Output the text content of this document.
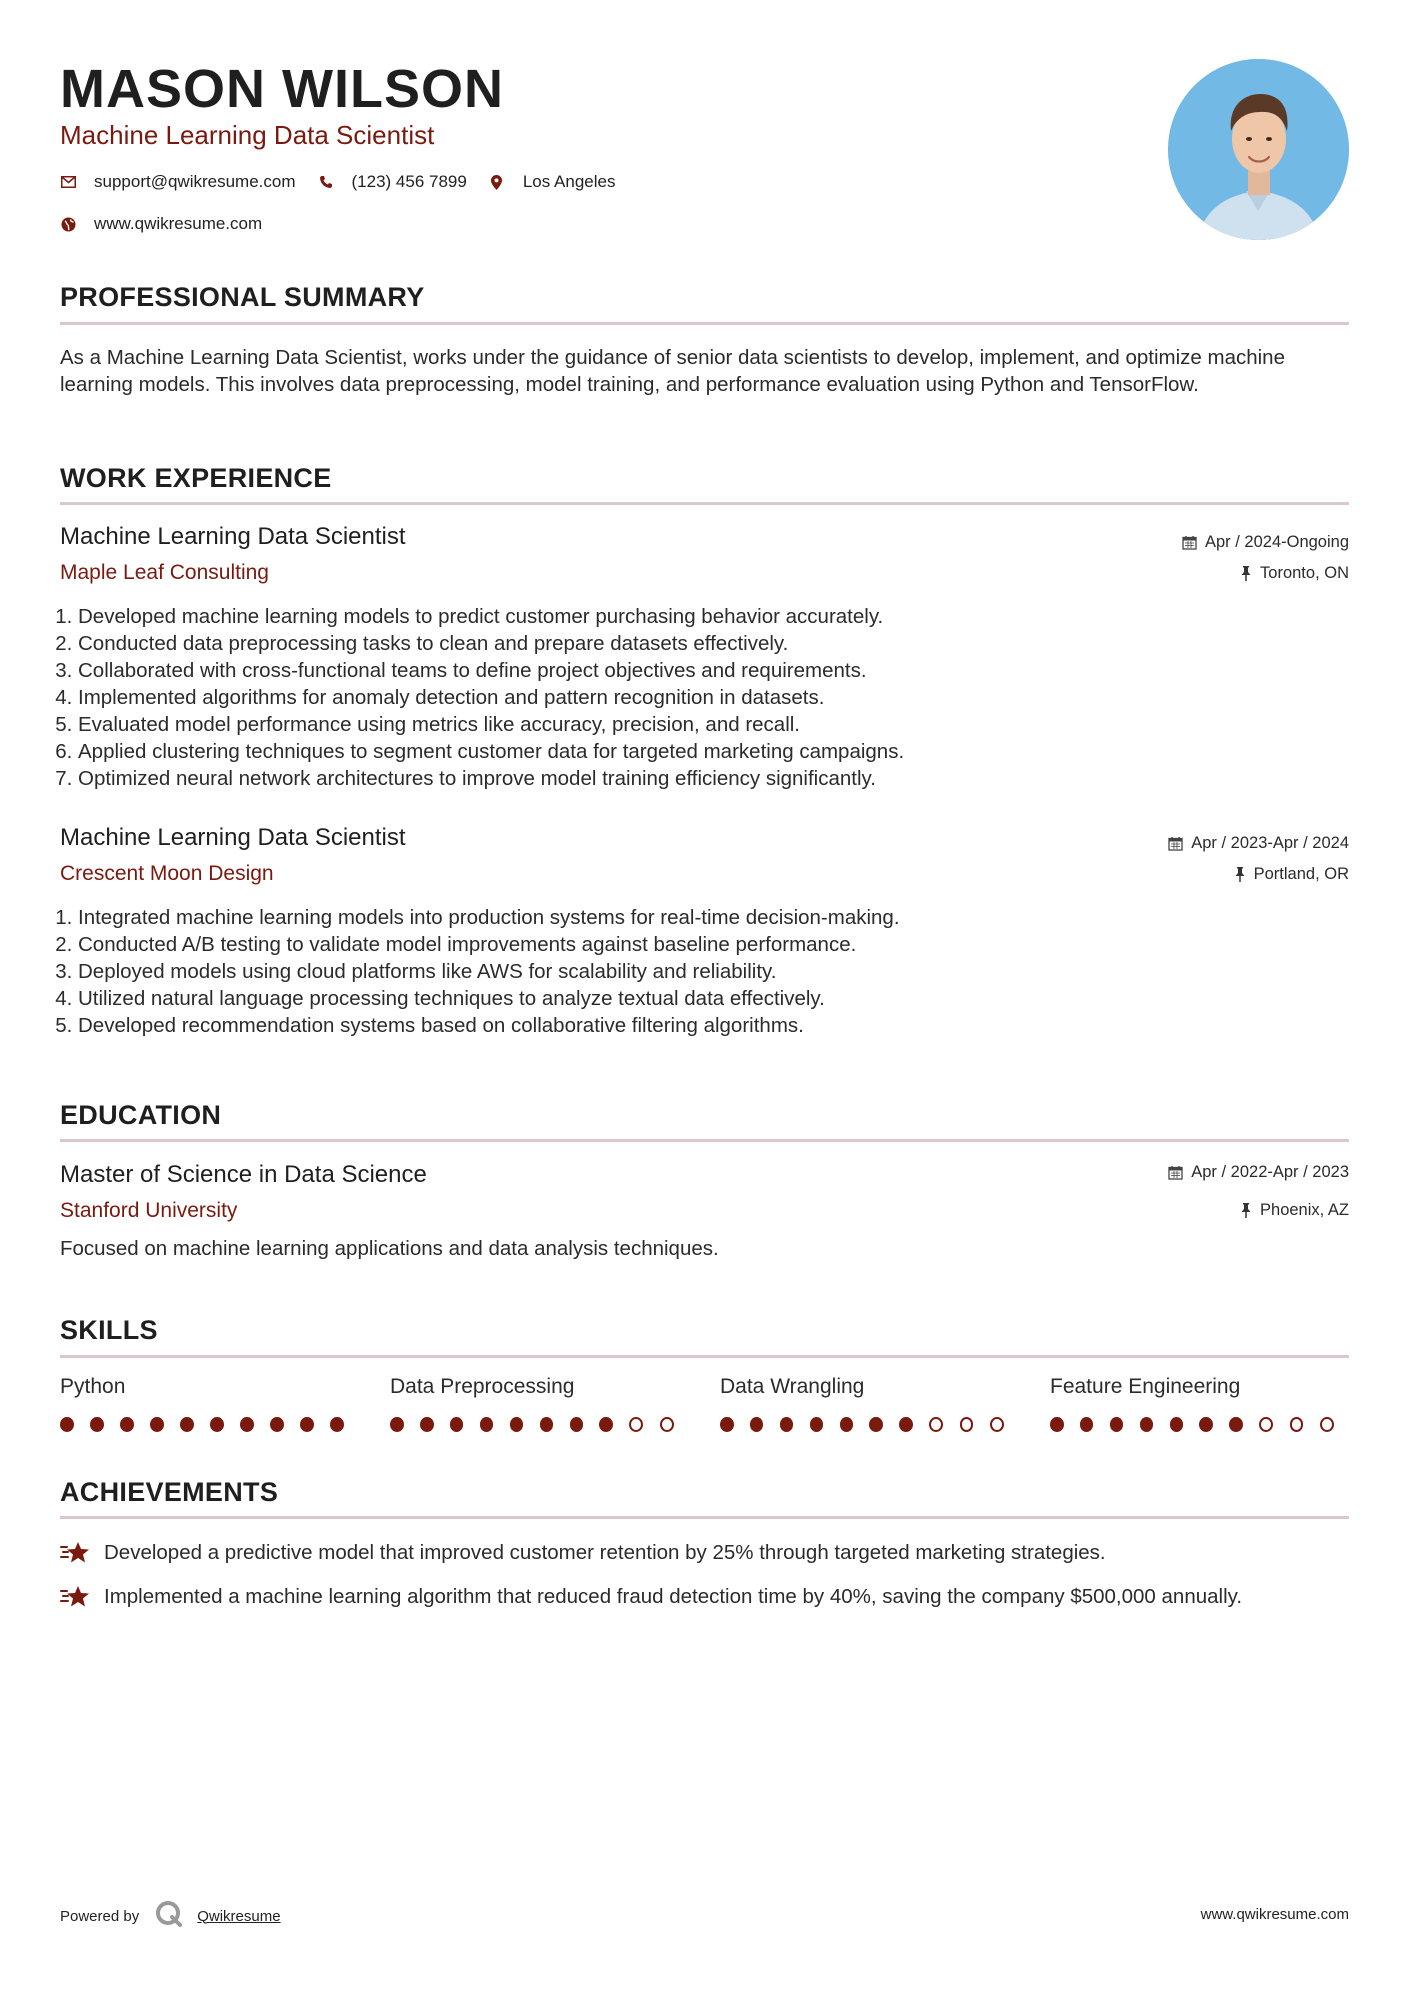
MASON WILSON
Machine Learning Data Scientist
support@qwikresume.com	(123) 456 7899	Los Angeles
www.qwikresume.com
PROFESSIONAL SUMMARY
As a Machine Learning Data Scientist, works under the guidance of senior data scientists to develop, implement, and optimize machine learning models. This involves data preprocessing, model training, and performance evaluation using Python and TensorFlow.
WORK EXPERIENCE
Machine Learning Data Scientist
Maple Leaf Consulting
Apr / 2024-Ongoing
Toronto, ON
1. Developed machine learning models to predict customer purchasing behavior accurately.
2. Conducted data preprocessing tasks to clean and prepare datasets effectively.
3. Collaborated with cross-functional teams to define project objectives and requirements.
4. Implemented algorithms for anomaly detection and pattern recognition in datasets.
5. Evaluated model performance using metrics like accuracy, precision, and recall.
6. Applied clustering techniques to segment customer data for targeted marketing campaigns.
7. Optimized neural network architectures to improve model training efficiency significantly.
Machine Learning Data Scientist
Crescent Moon Design
Apr / 2023-Apr / 2024
Portland, OR
1. Integrated machine learning models into production systems for real-time decision-making.
2. Conducted A/B testing to validate model improvements against baseline performance.
3. Deployed models using cloud platforms like AWS for scalability and reliability.
4. Utilized natural language processing techniques to analyze textual data effectively.
5. Developed recommendation systems based on collaborative filtering algorithms.
EDUCATION
Master of Science in Data Science
Stanford University
Apr / 2022-Apr / 2023
Phoenix, AZ
Focused on machine learning applications and data analysis techniques.
SKILLS
Python	Data Preprocessing	Data Wrangling	Feature Engineering
ACHIEVEMENTS
Developed a predictive model that improved customer retention by 25% through targeted marketing strategies.
Implemented a machine learning algorithm that reduced fraud detection time by 40%, saving the company $500,000 annually.
Powered by	Qwikresume	www.qwikresume.com
